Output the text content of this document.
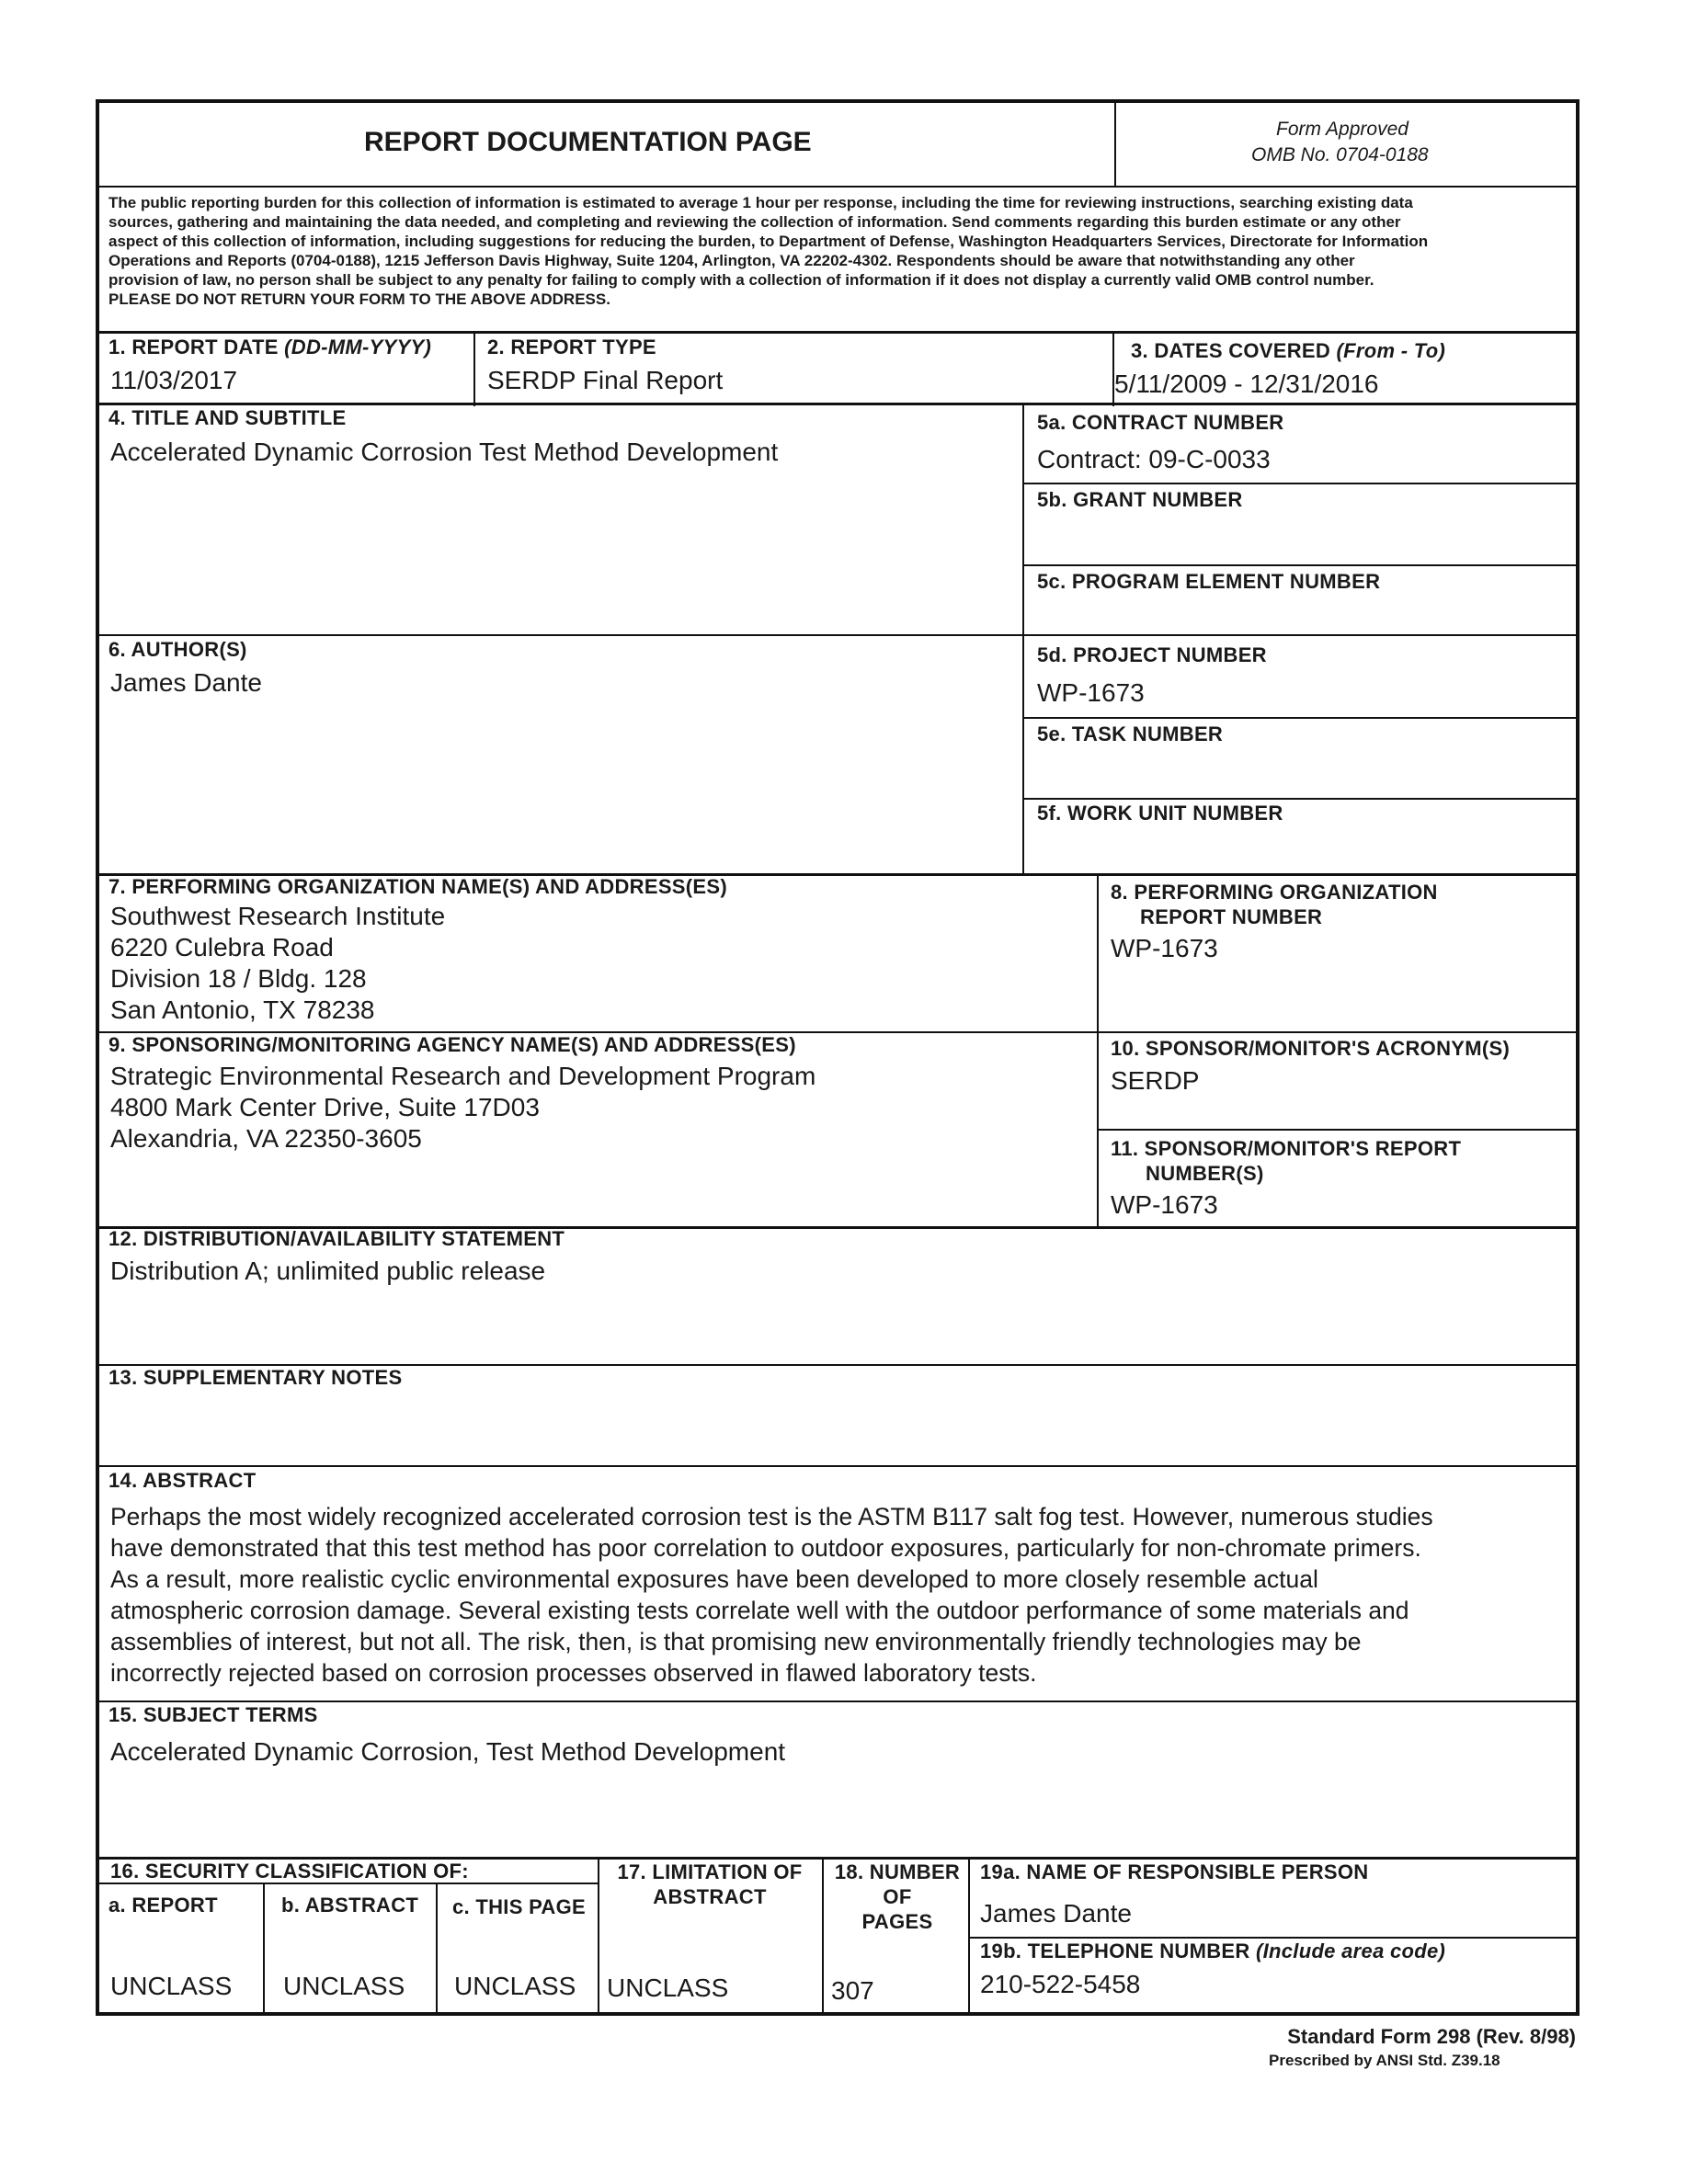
REPORT DOCUMENTATION PAGE	Form Approved
OMB No. 0704-0188
The public reporting burden for this collection of information is estimated to average 1 hour per response, including the time for reviewing instructions, searching existing data
sources, gathering and maintaining the data needed, and completing and reviewing the collection of information. Send comments regarding this burden estimate or any other
aspect of this collection of information, including suggestions for reducing the burden, to Department of Defense, Washington Headquarters Services, Directorate for Information
Operations and Reports (0704-0188), 1215 Jefferson Davis Highway, Suite 1204, Arlington, VA 22202-4302. Respondents should be aware that notwithstanding any other
provision of law, no person shall be subject to any penalty for failing to comply with a collection of information if it does not display a currently valid OMB control number.
PLEASE DO NOT RETURN YOUR FORM TO THE ABOVE ADDRESS.
1. REPORT DATE (DD-MM-YYYY)
11/03/2017
2. REPORT TYPE
SERDP Final Report
3. DATES COVERED (From - To)
5/11/2009 - 12/31/2016
4. TITLE AND SUBTITLE
Accelerated Dynamic Corrosion Test Method Development
5a. CONTRACT NUMBER
Contract: 09-C-0033
5b. GRANT NUMBER
5c. PROGRAM ELEMENT NUMBER
6. AUTHOR(S)
James Dante
5d. PROJECT NUMBER
WP-1673
5e. TASK NUMBER
5f. WORK UNIT NUMBER
7. PERFORMING ORGANIZATION NAME(S) AND ADDRESS(ES)
Southwest Research Institute
6220 Culebra Road
Division 18 / Bldg. 128
San Antonio, TX 78238
8. PERFORMING ORGANIZATION
REPORT NUMBER
WP-1673
9. SPONSORING/MONITORING AGENCY NAME(S) AND ADDRESS(ES)
Strategic Environmental Research and Development Program
4800 Mark Center Drive, Suite 17D03
Alexandria, VA 22350-3605
10. SPONSOR/MONITOR'S ACRONYM(S)
SERDP
11. SPONSOR/MONITOR'S REPORT
NUMBER(S)
WP-1673
12. DISTRIBUTION/AVAILABILITY STATEMENT
Distribution A; unlimited public release
13. SUPPLEMENTARY NOTES
14. ABSTRACT
Perhaps the most widely recognized accelerated corrosion test is the ASTM B117 salt fog test. However, numerous studies
have demonstrated that this test method has poor correlation to outdoor exposures, particularly for non-chromate primers.
As a result, more realistic cyclic environmental exposures have been developed to more closely resemble actual
atmospheric corrosion damage. Several existing tests correlate well with the outdoor performance of some materials and
assemblies of interest, but not all. The risk, then, is that promising new environmentally friendly technologies may be
incorrectly rejected based on corrosion processes observed in flawed laboratory tests.
15. SUBJECT TERMS
Accelerated Dynamic Corrosion, Test Method Development
16. SECURITY CLASSIFICATION OF:
a. REPORT	b. ABSTRACT c. THIS PAGE
UNCLASS UNCLASS UNCLASS
17. LIMITATION OF
ABSTRACT
UNCLASS
18. NUMBER
OF
PAGES
307
19a. NAME OF RESPONSIBLE PERSON
James Dante
19b. TELEPHONE NUMBER (Include area code)
210-522-5458
Standard Form 298 (Rev. 8/98)
Prescribed by ANSI Std. Z39.18
